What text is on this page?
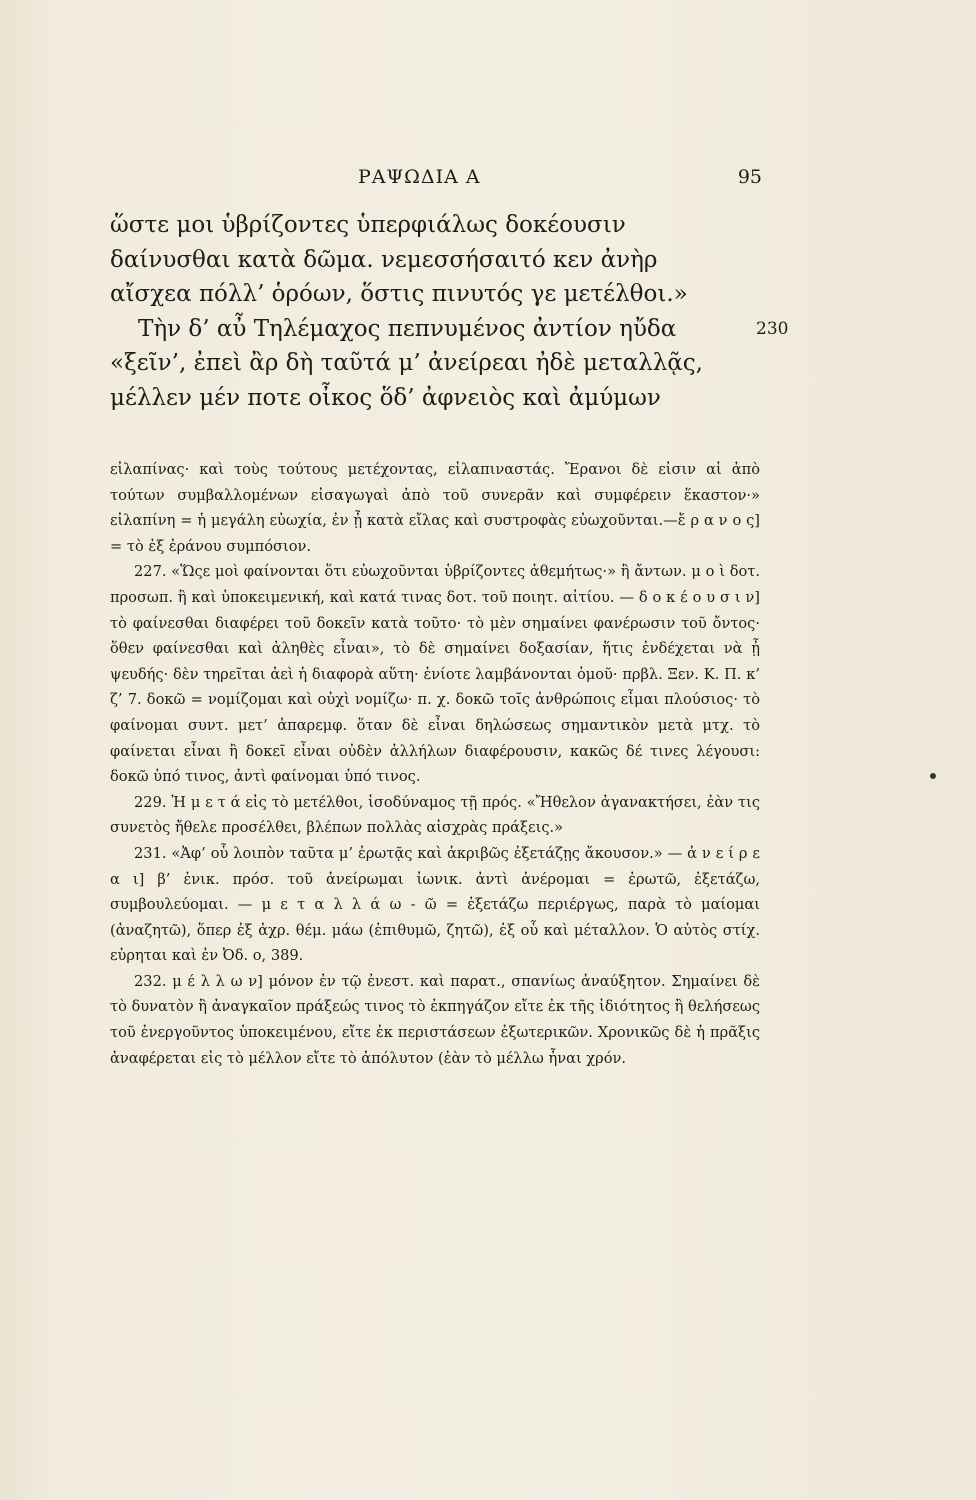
ΡΑΨΩΔΙΑ Α	95
ὥστε μοι ὑβρίζοντες ὑπερφιάλως δοκέουσιν
δαίνυσθαι κατὰ δῶμα. νεμεσσήσαιτό κεν ἀνὴρ
αἴσχεα πόλλ’ ὁρόων, ὅστις πινυτός γε μετέλθοι.»
Τὴν δ’ αὖ Τηλέμαχος πεπνυμένος ἀντίον ηὔδα	230
«ξεῖν’, ἐπεὶ ἂρ δὴ ταῦτά μ’ ἀνείρεαι ἠδὲ μεταλλᾷς,
μέλλεν μέν ποτε οἶκος ὅδ’ ἀφνειὸς καὶ ἀμύμων

εἰλαπίνας· καὶ τοὺς τούτους μετέχοντας, εἰλαπιναστάς. Ἔρανοι δὲ εἰσιν αἱ ἀπὸ τούτων συμβαλλομένων εἰσαγωγαὶ ἀπὸ τοῦ συνερᾶν καὶ συμφέρειν ἕκαστον·» εἰλαπίνη = ἡ μεγάλη εὐωχία, ἐν ᾗ κατὰ εἴλας καὶ συστροφὰς εὐωχοῦνται.—ἔ ρ α ν ο ς] = τὸ ἐξ ἐράνου συμπόσιον.

227. «Ὥςε μοὶ φαίνονται ὅτι εὐωχοῦνται ὑβρίζοντες ἀθεμήτως·» ἢ ἄντων. μ ο ὶ δοτ. προσωπ. ἢ καὶ ὑποκειμενική, καὶ κατά τινας δοτ. τοῦ ποιητ. αἰτίου. — δ ο κ έ ο υ σ ι ν] τὸ φαίνεσθαι διαφέρει τοῦ δοκεῖν κατὰ τοῦτο· τὸ μὲν σημαίνει φανέρωσιν τοῦ ὄντος· ὅθεν φαίνεσθαι καὶ ἀληθὲς εἶναι», τὸ δὲ σημαίνει δοξασίαν, ἥτις ἐνδέχεται νὰ ᾖ ψευδής· δὲν τηρεῖται ἀεὶ ἡ διαφορὰ αὕτη· ἐνίοτε λαμβάνονται ὁμοῦ· πρβλ. Ξεν. Κ. Π. κ’ ζ’ 7. δοκῶ = νομίζομαι καὶ οὐχὶ νομίζω· π. χ. δοκῶ τοῖς ἀνθρώποις εἶμαι πλούσιος· τὸ φαίνομαι συντ. μετ’ ἀπαρεμφ. ὅταν δὲ εἶναι δηλώσεως σημαντικὸν μετὰ μτχ. τὸ φαίνεται εἶναι ἢ δοκεῖ εἶναι οὐδὲν ἀλλήλων διαφέρουσιν, κακῶς δέ τινες λέγουσι: δοκῶ ὑπό τινος, ἀντὶ φαίνομαι ὑπό τινος.

229. Ἠ μ ε τ ά εἰς τὸ μετέλθοι, ἰσοδύναμος τῇ πρός. «Ἤθελον ἀγανακτήσει, ἐὰν τις συνετὸς ἤθελε προσέλθει, βλέπων πολλὰς αἰσχρὰς πράξεις.»

231. «Ἀφ’ οὗ λοιπὸν ταῦτα μ’ ἐρωτᾷς καὶ ἀκριβῶς ἐξετάζῃς ἄκουσον.» — ἀ ν ε ί ρ ε α ι] β’ ἐνικ. πρόσ. τοῦ ἀνείρωμαι ἰωνικ. ἀντὶ ἀνέρομαι = ἐρωτῶ, ἐξετάζω, συμβουλεύομαι. — μ ε τ α λ λ ά ω - ῶ = ἐξετάζω περιέργως, παρὰ τὸ μαίομαι (ἀναζητῶ), ὅπερ ἐξ ἀχρ. θέμ. μάω (ἐπιθυμῶ, ζητῶ), ἐξ οὗ καὶ μέταλλον. Ὁ αὐτὸς στίχ. εὑρηται καὶ ἐν Ὀδ. ο, 389.

232. μ έ λ λ ω ν] μόνον ἐν τῷ ἐνεστ. καὶ παρατ., σπανίως ἀναύξητον. Σημαίνει δὲ τὸ δυνατὸν ἢ ἀναγκαῖον πράξεώς τινος τὸ ἐκπηγάζον εἴτε ἐκ τῆς ἰδιότητος ἢ θελήσεως τοῦ ἐνεργοῦντος ὑποκειμένου, εἴτε ἐκ περιστάσεων ἐξωτερικῶν. Χρονικῶς δὲ ἡ πρᾶξις ἀναφέρεται εἰς τὸ μέλλον εἴτε τὸ ἀπόλυτον (ἐὰν τὸ μέλλω ἦναι χρόν.
